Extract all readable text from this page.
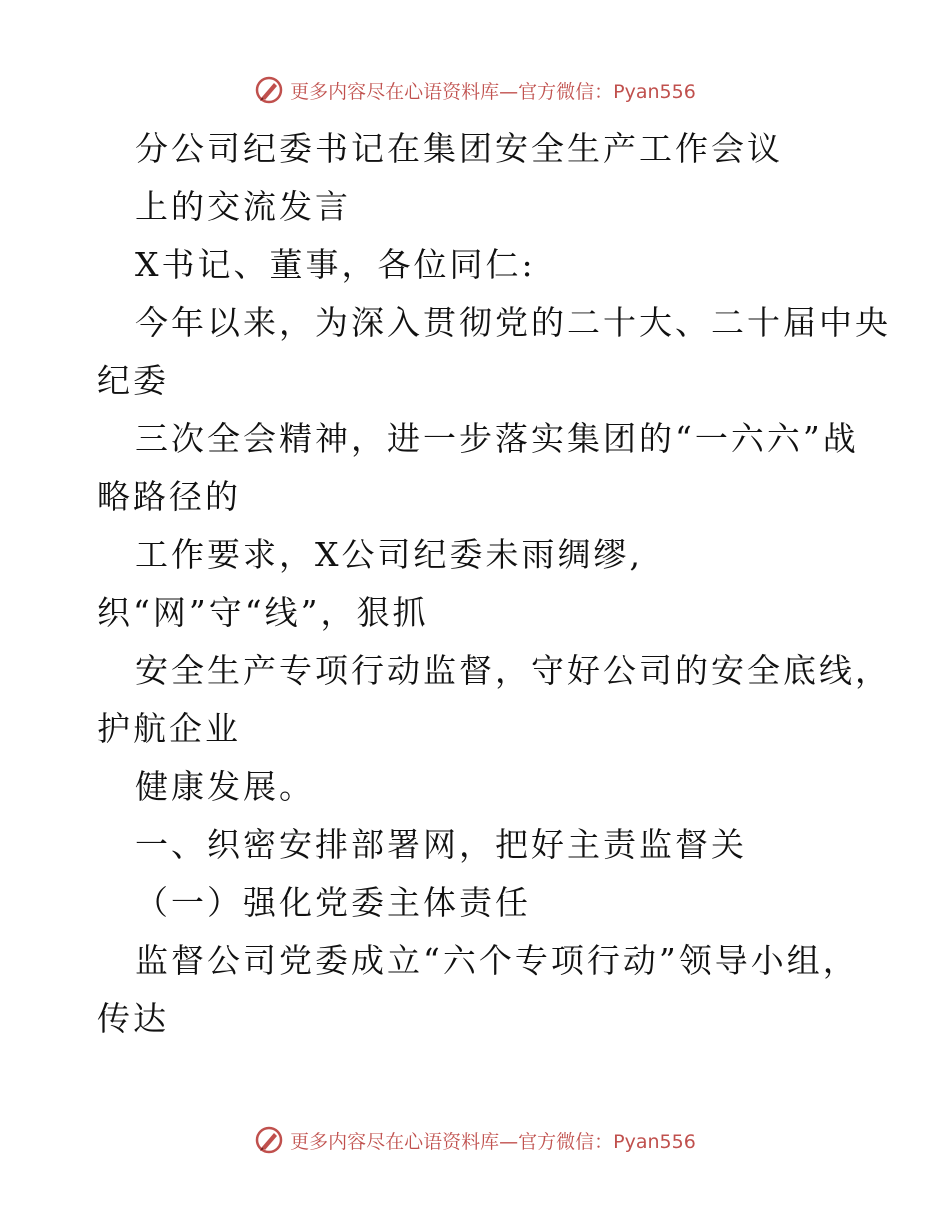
更多内容尽在心语资料库—官方微信：Pyan556
分公司纪委书记在集团安全生产工作会议
上的交流发言
X书记、董事，各位同仁:
今年以来，为深入贯彻党的二十大、二十届中央
纪委
三次全会精神，进一步落实集团的“一六六”战
略路径的
工作要求，X公司纪委未雨绸缪,
织“网”守“线”，狠抓
安全生产专项行动监督，守好公司的安全底线，
护航企业
健康发展。
一、织密安排部署网，把好主责监督关
（一）强化党委主体责任
监督公司党委成立“六个专项行动”领导小组，
传达
更多内容尽在心语资料库—官方微信：Pyan556
